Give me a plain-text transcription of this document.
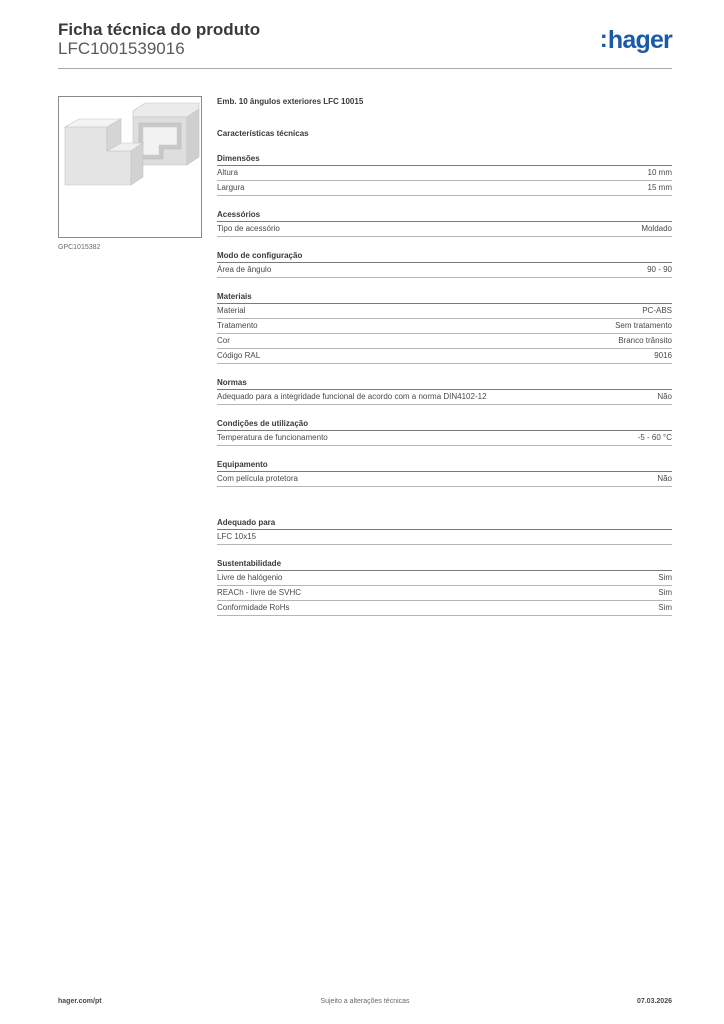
Ficha técnica do produto
LFC1001539016	:hager
GPC1015382
Emb. 10 ângulos exteriores LFC 10015
Características técnicas
Dimensões
Altura	10 mm
Largura	15 mm
Acessórios
Tipo de acessório	Moldado
Modo de configuração
Área de ângulo	90 - 90
Materiais
Material	PC-ABS
Tratamento	Sem tratamento
Cor	Branco trânsito
Código RAL	9016
Normas
Adequado para a integridade funcional de acordo com a norma DIN4102-12	Não
Condições de utilização
Temperatura de funcionamento	-5 - 60 °C
Equipamento
Com película protetora	Não
Adequado para
LFC 10x15
Sustentabilidade
Livre de halógenio	Sim
REACh - livre de SVHC	Sim
Conformidade RoHs	Sim
hager.com/pt	Sujeito a alterações técnicas	07.03.2026
